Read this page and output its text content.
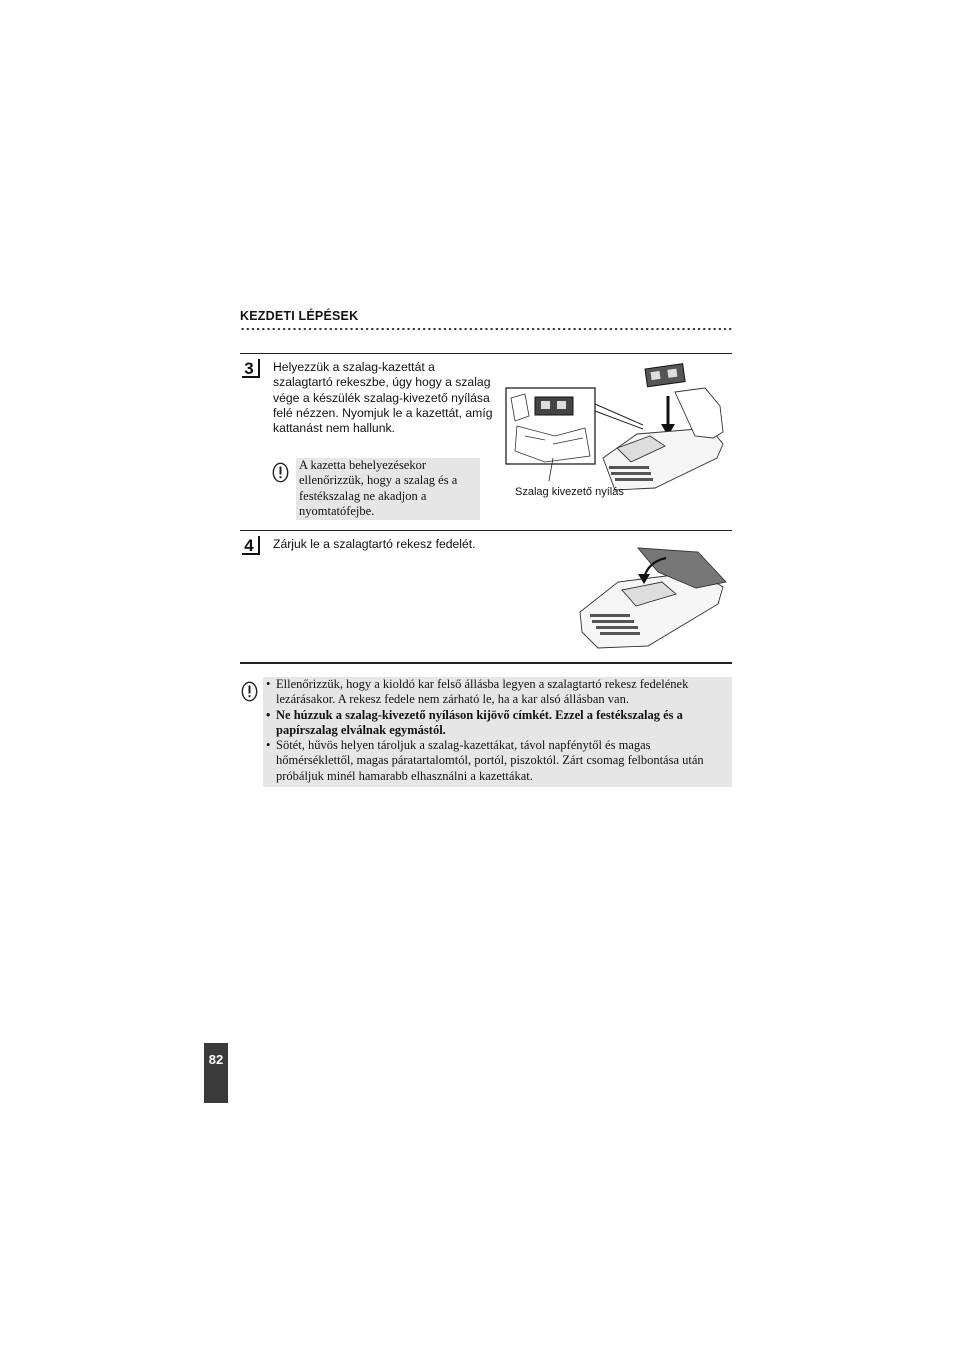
KEZDETI LÉPÉSEK
3	Helyezzük a szalag-kazettát a szalagtartó rekeszbe, úgy hogy a szalag vége a készülék szalag-kivezető nyílása felé nézzen. Nyomjuk le a kazettát, amíg kattanást nem hallunk.
A kazetta behelyezésekor ellenőrizzük, hogy a szalag és a festékszalag ne akadjon a nyomtatófejbe.
Szalag kivezető nyílás
4	Zárjuk le a szalagtartó rekesz fedelét.
• Ellenőrizzük, hogy a kioldó kar felső állásba legyen a szalagtartó rekesz fedelének lezárásakor. A rekesz fedele nem zárható le, ha a kar alsó állásban van.
• Ne húzzuk a szalag-kivezető nyíláson kijövő címkét. Ezzel a festékszalag és a papírszalag elválnak egymástól.
• Sötét, hűvös helyen tároljuk a szalag-kazettákat, távol napfénytől és magas hőmérséklettől, magas páratartalomtól, portól, piszoktól. Zárt csomag felbontása után próbáljuk minél hamarabb elhasználni a kazettákat.
82
